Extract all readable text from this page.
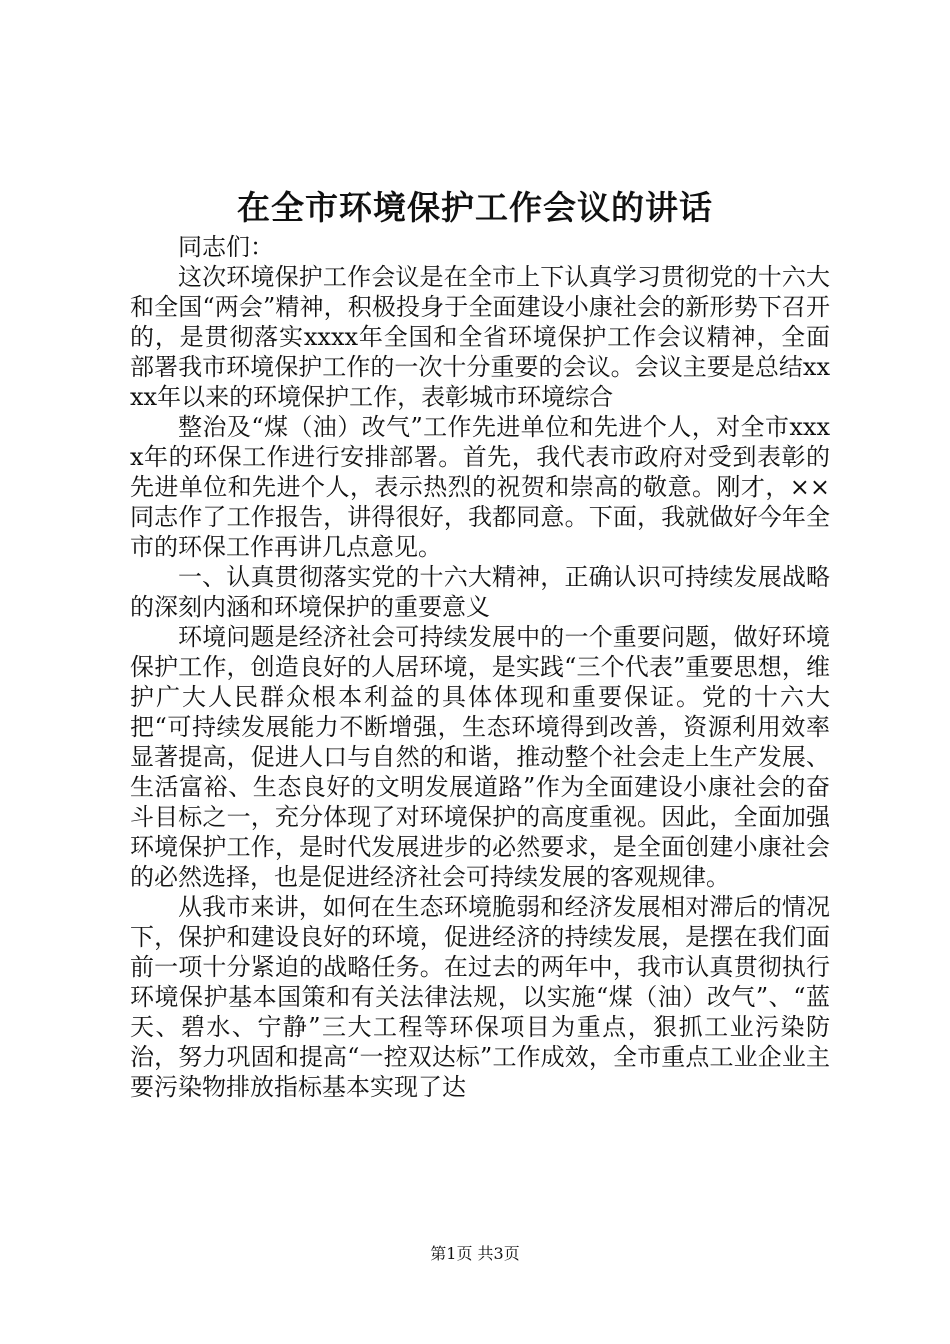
在全市环境保护工作会议的讲话

同志们：

这次环境保护工作会议是在全市上下认真学习贯彻党的十六大和全国“两会”精神，积极投身于全面建设小康社会的新形势下召开的，是贯彻落实xxxx年全国和全省环境保护工作会议精神，全面部署我市环境保护工作的一次十分重要的会议。会议主要是总结xxxx年以来的环境保护工作，表彰城市环境综合

整治及“煤（油）改气”工作先进单位和先进个人，对全市xxxx年的环保工作进行安排部署。首先，我代表市政府对受到表彰的先进单位和先进个人，表示热烈的祝贺和崇高的敬意。刚才，××同志作了工作报告，讲得很好，我都同意。下面，我就做好今年全市的环保工作再讲几点意见。

一、认真贯彻落实党的十六大精神，正确认识可持续发展战略的深刻内涵和环境保护的重要意义

环境问题是经济社会可持续发展中的一个重要问题，做好环境保护工作，创造良好的人居环境，是实践“三个代表”重要思想，维护广大人民群众根本利益的具体体现和重要保证。党的十六大把“可持续发展能力不断增强，生态环境得到改善，资源利用效率显著提高，促进人口与自然的和谐，推动整个社会走上生产发展、生活富裕、生态良好的文明发展道路”作为全面建设小康社会的奋斗目标之一，充分体现了对环境保护的高度重视。因此，全面加强环境保护工作，是时代发展进步的必然要求，是全面创建小康社会的必然选择，也是促进经济社会可持续发展的客观规律。

从我市来讲，如何在生态环境脆弱和经济发展相对滞后的情况下，保护和建设良好的环境，促进经济的持续发展，是摆在我们面前一项十分紧迫的战略任务。在过去的两年中，我市认真贯彻执行环境保护基本国策和有关法律法规，以实施“煤（油）改气”、“蓝天、碧水、宁静”三大工程等环保项目为重点，狠抓工业污染防治，努力巩固和提高“一控双达标”工作成效，全市重点工业企业主要污染物排放指标基本实现了达

第1页 共3页
